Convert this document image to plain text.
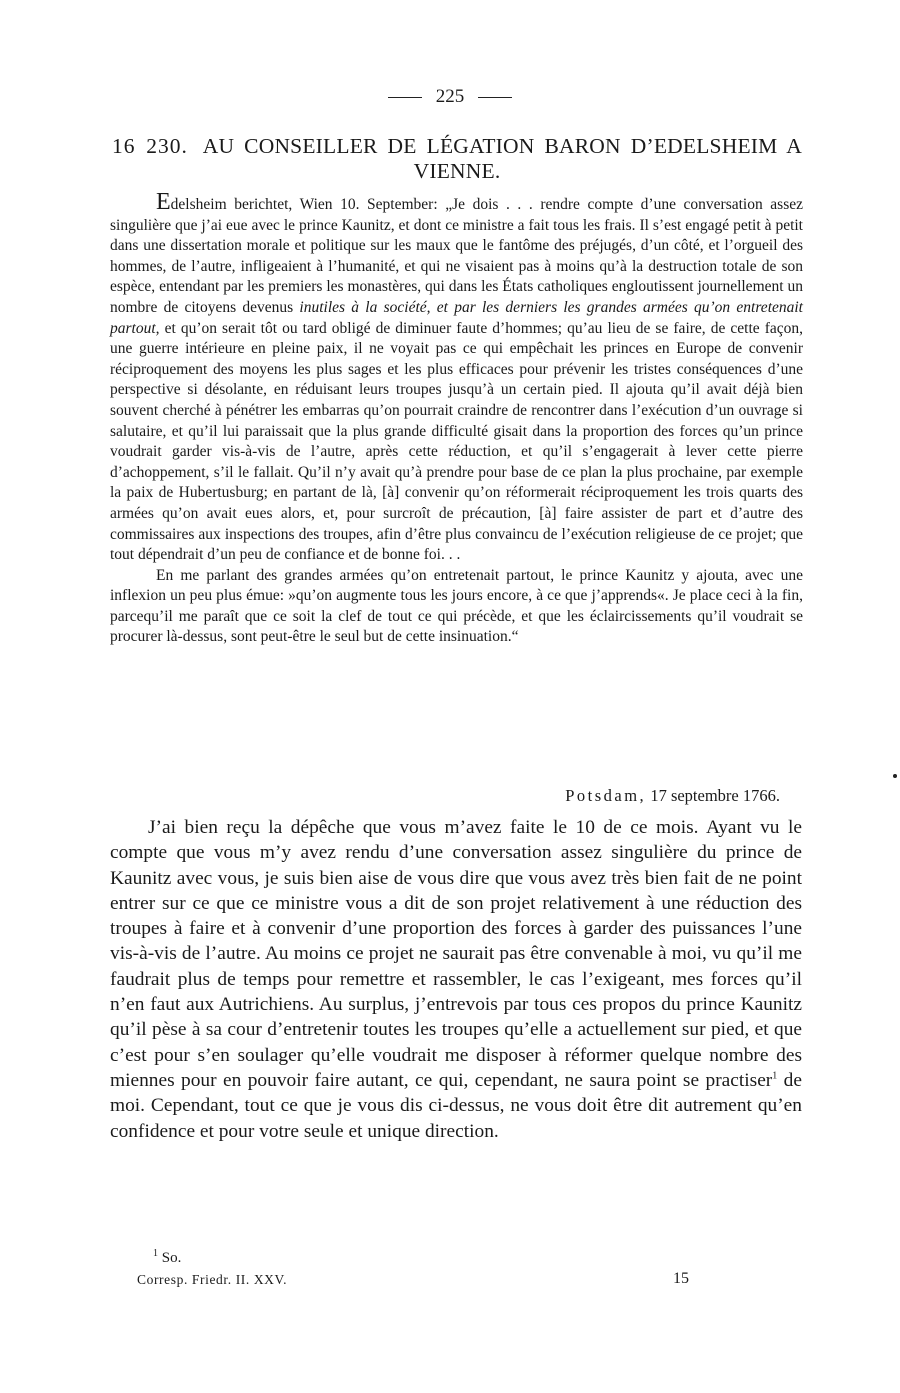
225
16 230. AU CONSEILLER DE LÉGATION BARON D’EDELSHEIM A VIENNE.

Edelsheim berichtet, Wien 10. September: „Je dois . . . rendre compte d’une conversation assez singulière que j’ai eue avec le prince Kaunitz, et dont ce ministre a fait tous les frais. Il s’est engagé petit à petit dans une dissertation morale et politique sur les maux que le fantôme des préjugés, d’un côté, et l’orgueil des hommes, de l’autre, infligeaient à l’humanité, et qui ne visaient pas à moins qu’à la destruction totale de son espèce, entendant par les premiers les monastères, qui dans les États catholiques engloutissent journellement un nombre de citoyens devenus inutiles à la société, et par les derniers les grandes armées qu’on entretenait partout, et qu’on serait tôt ou tard obligé de diminuer faute d’hommes; qu’au lieu de se faire, de cette façon, une guerre intérieure en pleine paix, il ne voyait pas ce qui empêchait les princes en Europe de convenir réciproquement des moyens les plus sages et les plus efficaces pour prévenir les tristes conséquences d’une perspective si désolante, en réduisant leurs troupes jusqu’à un certain pied. Il ajouta qu’il avait déjà bien souvent cherché à pénétrer les embarras qu’on pourrait craindre de rencontrer dans l’exécution d’un ouvrage si salutaire, et qu’il lui paraissait que la plus grande difficulté gisait dans la proportion des forces qu’un prince voudrait garder vis-à-vis de l’autre, après cette réduction, et qu’il s’engagerait à lever cette pierre d’achoppement, s’il le fallait. Qu’il n’y avait qu’à prendre pour base de ce plan la plus prochaine, par exemple la paix de Hubertusburg; en partant de là, [à] convenir qu’on réformerait réciproquement les trois quarts des armées qu’on avait eues alors, et, pour surcroît de précaution, [à] faire assister de part et d’autre des commissaires aux inspections des troupes, afin d’être plus convaincu de l’exécution religieuse de ce projet; que tout dépendrait d’un peu de confiance et de bonne foi. . .

En me parlant des grandes armées qu’on entretenait partout, le prince Kaunitz y ajouta, avec une inflexion un peu plus émue: »qu’on augmente tous les jours encore, à ce que j’apprends«. Je place ceci à la fin, parcequ’il me paraît que ce soit la clef de tout ce qui précède, et que les éclaircissements qu’il voudrait se procurer là-dessus, sont peut-être le seul but de cette insinuation.“

Potsdam, 17 septembre 1766.

J’ai bien reçu la dépêche que vous m’avez faite le 10 de ce mois. Ayant vu le compte que vous m’y avez rendu d’une conversation assez singulière du prince de Kaunitz avec vous, je suis bien aise de vous dire que vous avez très bien fait de ne point entrer sur ce que ce ministre vous a dit de son projet relativement à une réduction des troupes à faire et à convenir d’une proportion des forces à garder des puissances l’une vis-à-vis de l’autre. Au moins ce projet ne saurait pas être convenable à moi, vu qu’il me faudrait plus de temps pour remettre et rassembler, le cas l’exigeant, mes forces qu’il n’en faut aux Autrichiens. Au surplus, j’entrevois par tous ces propos du prince Kaunitz qu’il pèse à sa cour d’entretenir toutes les troupes qu’elle a actuellement sur pied, et que c’est pour s’en soulager qu’elle voudrait me disposer à réformer quelque nombre des miennes pour en pouvoir faire autant, ce qui, cependant, ne saura point se practiser$^1$ de moi. Cependant, tout ce que je vous dis ci-dessus, ne vous doit être dit autrement qu’en confidence et pour votre seule et unique direction.

$^1$ So.
Corresp. Friedr. II. XXV.	15
